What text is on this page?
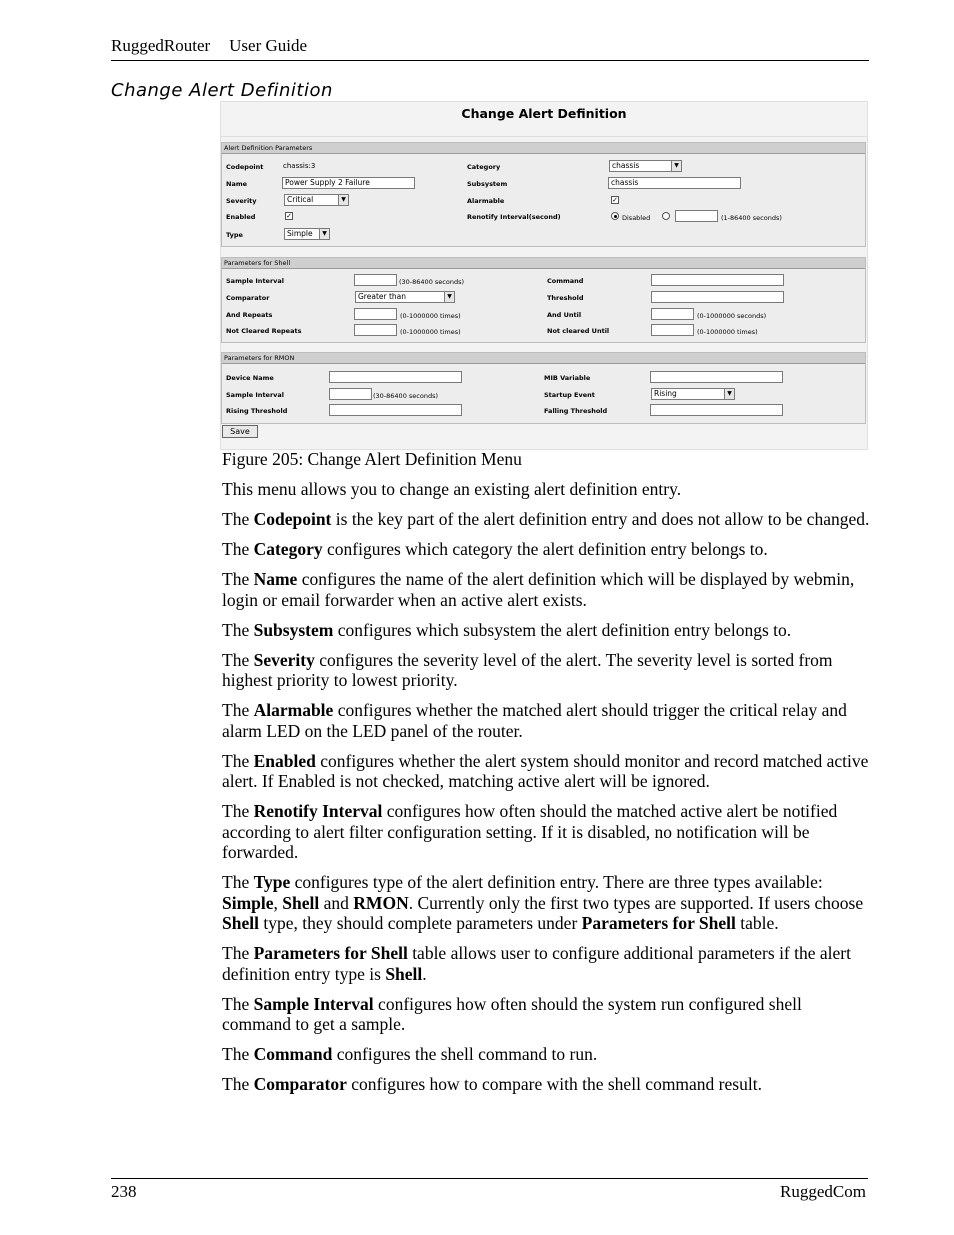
RuggedRouter User Guide
Change Alert Definition
Change Alert Definition
Alert Definition Parameters
Codepoint	chassis:3
Name	Power Supply 2 Failure
Severity	Critical	▼
Enabled	✓
Type	Simple	▼
Category	chassis	▼
Subsystem	chassis
Alarmable	✓
Renotify Interval(second)	Disabled	(1-86400 seconds)
Parameters for Shell
Sample Interval	(30-86400 seconds)
Comparator	Greater than	▼
And Repeats	(0-1000000 times)
Not Cleared Repeats	(0-1000000 times)
Command
Threshold
And Until	(0-1000000 seconds)
Not cleared Until	(0-1000000 times)
Parameters for RMON
Device Name
Sample Interval	(30-86400 seconds)
Rising Threshold
MIB Variable
Startup Event	Rising	▼
Falling Threshold
Save
Figure 205: Change Alert Definition Menu

This menu allows you to change an existing alert definition entry.

The Codepoint is the key part of the alert definition entry and does not allow to be changed.

The Category configures which category the alert definition entry belongs to.

The Name configures the name of the alert definition which will be displayed by webmin, login or email forwarder when an active alert exists.

The Subsystem configures which subsystem the alert definition entry belongs to.

The Severity configures the severity level of the alert. The severity level is sorted from highest priority to lowest priority.

The Alarmable configures whether the matched alert should trigger the critical relay and alarm LED on the LED panel of the router.

The Enabled configures whether the alert system should monitor and record matched active alert. If Enabled is not checked, matching active alert will be ignored.

The Renotify Interval configures how often should the matched active alert be notified according to alert filter configuration setting. If it is disabled, no notification will be forwarded.

The Type configures type of the alert definition entry. There are three types available: Simple, Shell and RMON. Currently only the first two types are supported. If users choose Shell type, they should complete parameters under Parameters for Shell table.

The Parameters for Shell table allows user to configure additional parameters if the alert definition entry type is Shell.

The Sample Interval configures how often should the system run configured shell command to get a sample.

The Command configures the shell command to run.

The Comparator configures how to compare with the shell command result.

238	RuggedCom
